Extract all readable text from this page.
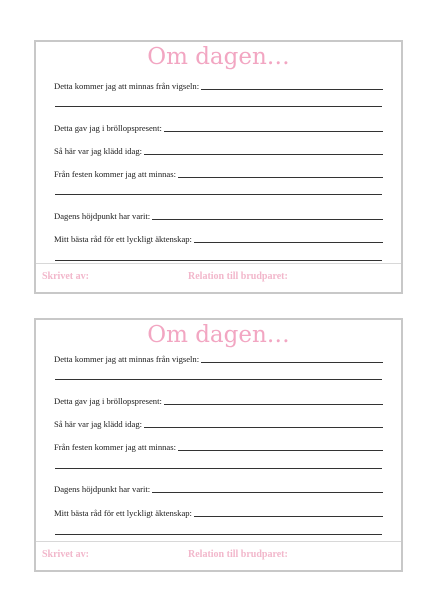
Om dagen…
Detta kommer jag att minnas från vigseln:
Detta gav jag i bröllopspresent:
Så här var jag klädd idag:
Från festen kommer jag att minnas:
Dagens höjdpunkt har varit:
Mitt bästa råd för ett lyckligt äktenskap:
Skrivet av:	Relation till brudparet:
Om dagen…
Detta kommer jag att minnas från vigseln:
Detta gav jag i bröllopspresent:
Så här var jag klädd idag:
Från festen kommer jag att minnas:
Dagens höjdpunkt har varit:
Mitt bästa råd för ett lyckligt äktenskap:
Skrivet av:	Relation till brudparet:
